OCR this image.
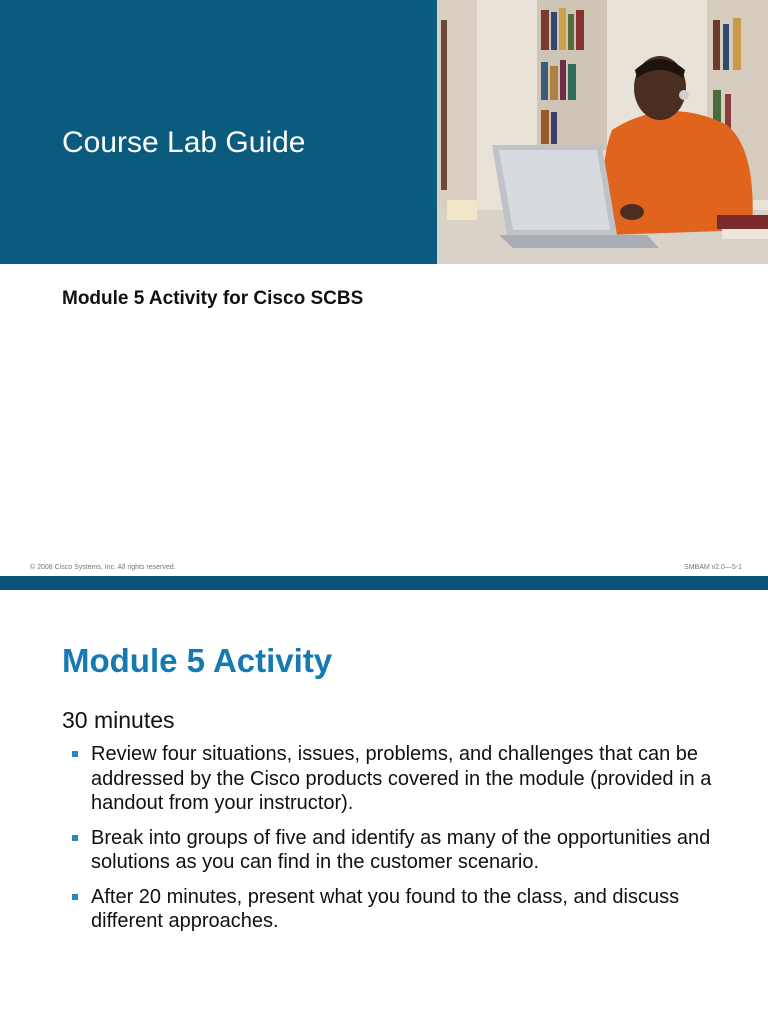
Course Lab Guide
Module 5 Activity for Cisco SCBS
© 2008 Cisco Systems, Inc. All rights reserved.	SMBAM v2.0—5-1
Module 5 Activity
30 minutes
Review four situations, issues, problems, and challenges that can be addressed by the Cisco products covered in the module (provided in a handout from your instructor).
Break into groups of five and identify as many of the opportunities and solutions as you can find in the customer scenario.
After 20 minutes, present what you found to the class, and discuss different approaches.
